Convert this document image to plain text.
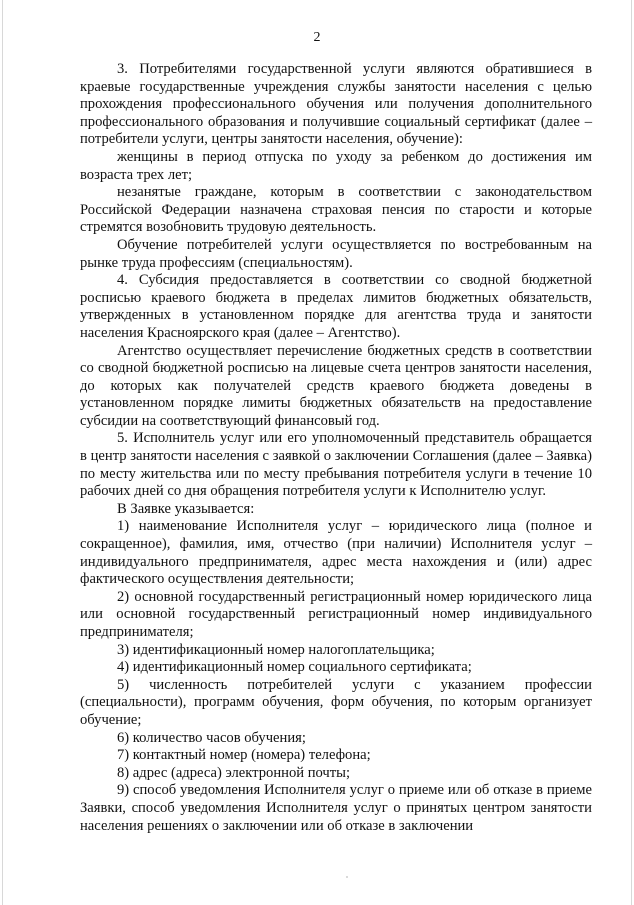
2

3. Потребителями государственной услуги являются обратившиеся в краевые государственные учреждения службы занятости населения с целью прохождения профессионального обучения или получения дополнительного профессионального образования и получившие социальный сертификат (далее – потребители услуги, центры занятости населения, обучение):

женщины в период отпуска по уходу за ребенком до достижения им возраста трех лет;

незанятые граждане, которым в соответствии с законодательством Российской Федерации назначена страховая пенсия по старости и которые стремятся возобновить трудовую деятельность.

Обучение потребителей услуги осуществляется по востребованным на рынке труда профессиям (специальностям).

4. Субсидия предоставляется в соответствии со сводной бюджетной росписью краевого бюджета в пределах лимитов бюджетных обязательств, утвержденных в установленном порядке для агентства труда и занятости населения Красноярского края (далее – Агентство).

Агентство осуществляет перечисление бюджетных средств в соответствии со сводной бюджетной росписью на лицевые счета центров занятости населения, до которых как получателей средств краевого бюджета доведены в установленном порядке лимиты бюджетных обязательств на предоставление субсидии на соответствующий финансовый год.

5. Исполнитель услуг или его уполномоченный представитель обращается в центр занятости населения с заявкой о заключении Соглашения (далее – Заявка) по месту жительства или по месту пребывания потребителя услуги в течение 10 рабочих дней со дня обращения потребителя услуги к Исполнителю услуг.

В Заявке указывается:

1) наименование Исполнителя услуг – юридического лица (полное и сокращенное), фамилия, имя, отчество (при наличии) Исполнителя услуг – индивидуального предпринимателя, адрес места нахождения и (или) адрес фактического осуществления деятельности;

2) основной государственный регистрационный номер юридического лица или основной государственный регистрационный номер индивидуального предпринимателя;

3) идентификационный номер налогоплательщика;

4) идентификационный номер социального сертификата;

5) численность потребителей услуги с указанием профессии (специальности), программ обучения, форм обучения, по которым организует обучение;

6) количество часов обучения;

7) контактный номер (номера) телефона;

8) адрес (адреса) электронной почты;

9) способ уведомления Исполнителя услуг о приеме или об отказе в приеме Заявки, способ уведомления Исполнителя услуг о принятых центром занятости населения решениях о заключении или об отказе в заключении
